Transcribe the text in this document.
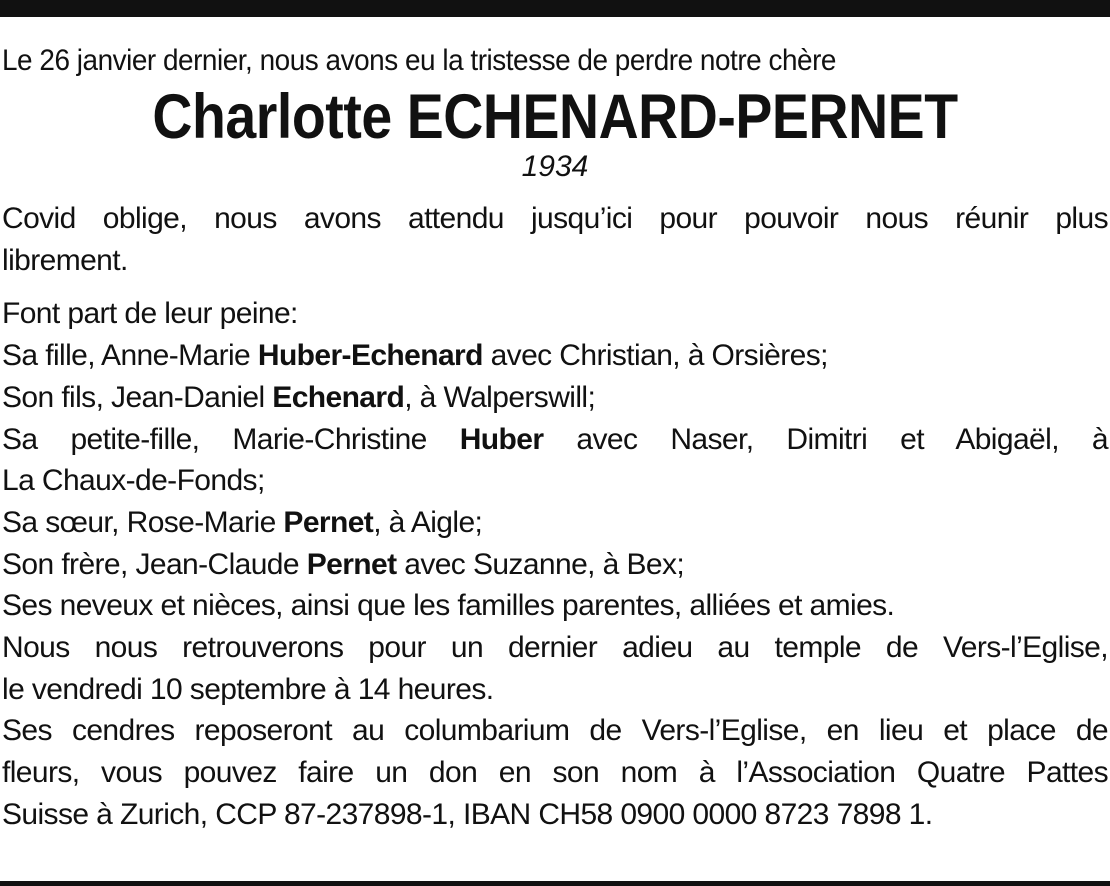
Le 26 janvier dernier, nous avons eu la tristesse de perdre notre chère

Charlotte ECHENARD-PERNET

1934

Covid oblige, nous avons attendu jusqu’ici pour pouvoir nous réunir plus
librement.

Font part de leur peine:
Sa fille, Anne-Marie Huber-Echenard avec Christian, à Orsières;
Son fils, Jean-Daniel Echenard, à Walperswill;
Sa petite-fille, Marie-Christine Huber avec Naser, Dimitri et Abigaël, à
La Chaux-de-Fonds;
Sa sœur, Rose-Marie Pernet, à Aigle;
Son frère, Jean-Claude Pernet avec Suzanne, à Bex;
Ses neveux et nièces, ainsi que les familles parentes, alliées et amies.
Nous nous retrouverons pour un dernier adieu au temple de Vers-l’Eglise,
le vendredi 10 septembre à 14 heures.
Ses cendres reposeront au columbarium de Vers-l’Eglise, en lieu et place de
fleurs, vous pouvez faire un don en son nom à l’Association Quatre Pattes
Suisse à Zurich, CCP 87-237898-1, IBAN CH58 0900 0000 8723 7898 1.
